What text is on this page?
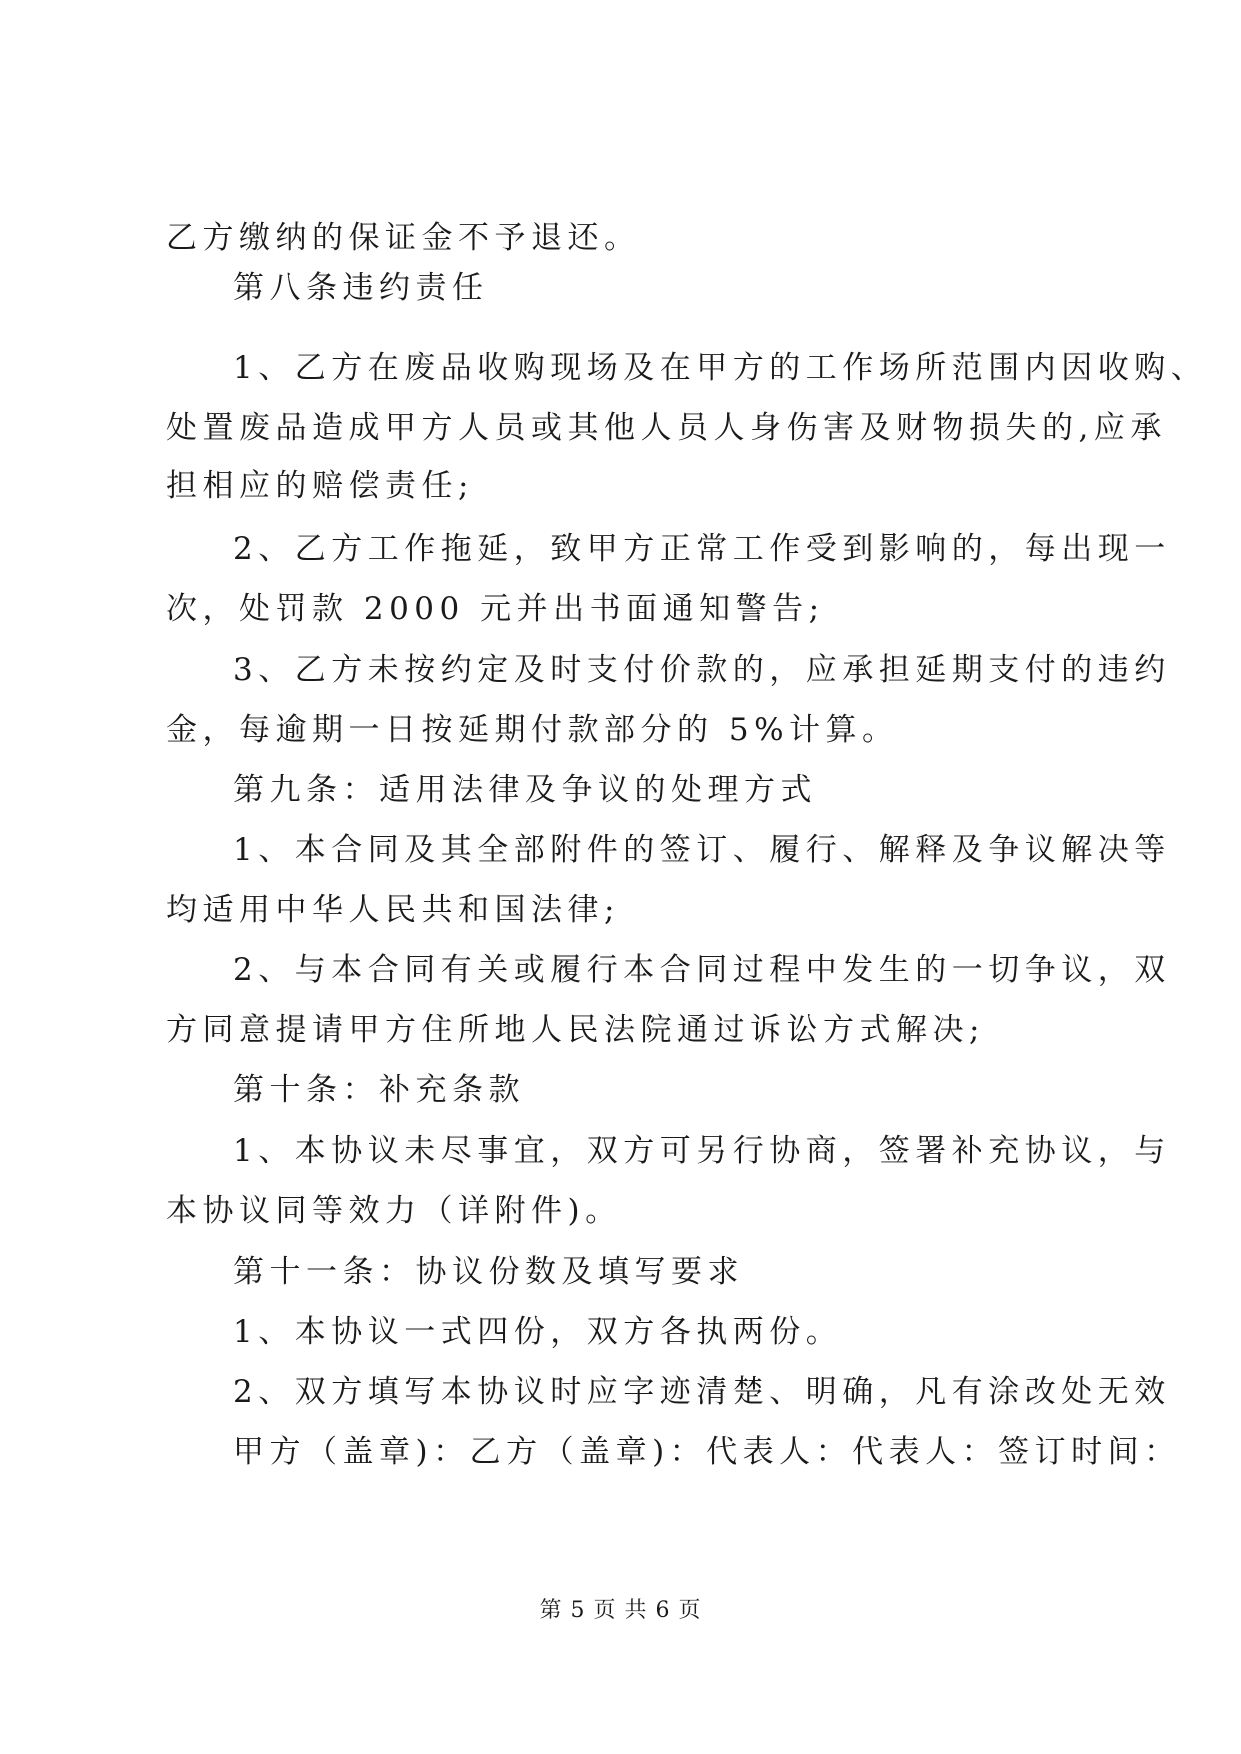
乙方缴纳的保证金不予退还。
第八条违约责任
1、乙方在废品收购现场及在甲方的工作场所范围内因收购、
处置废品造成甲方人员或其他人员人身伤害及财物损失的,应承
担相应的赔偿责任;
2、乙方工作拖延，致甲方正常工作受到影响的，每出现一
次，处罚款 2000 元并出书面通知警告;
3、乙方未按约定及时支付价款的，应承担延期支付的违约
金，每逾期一日按延期付款部分的 5%计算。
第九条：适用法律及争议的处理方式
1、本合同及其全部附件的签订、履行、解释及争议解决等
均适用中华人民共和国法律;
2、与本合同有关或履行本合同过程中发生的一切争议，双
方同意提请甲方住所地人民法院通过诉讼方式解决;
第十条：补充条款
1、本协议未尽事宜，双方可另行协商，签署补充协议，与
本协议同等效力（详附件)。
第十一条：协议份数及填写要求
1、本协议一式四份，双方各执两份。
2、双方填写本协议时应字迹清楚、明确，凡有涂改处无效
甲方（盖章)：乙方（盖章)：代表人：代表人：签订时间：
第 5 页 共 6 页
